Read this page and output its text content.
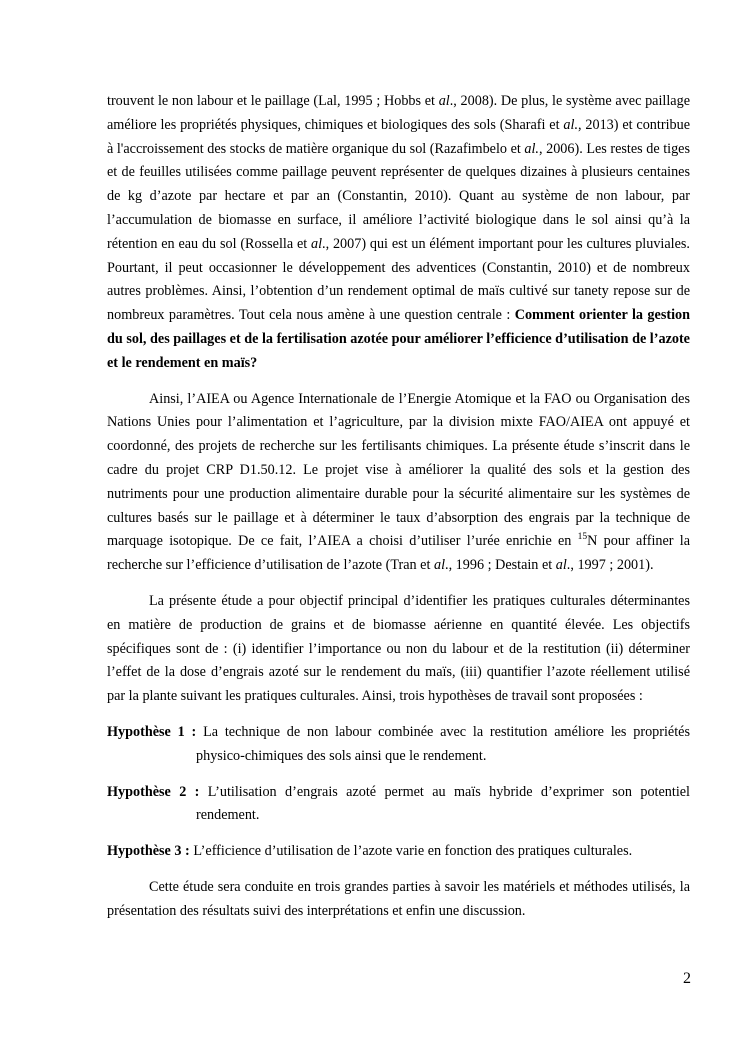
trouvent le non labour et le paillage (Lal, 1995 ; Hobbs et al., 2008). De plus, le système avec paillage améliore les propriétés physiques, chimiques et biologiques des sols (Sharafi et al., 2013) et contribue à l'accroissement des stocks de matière organique du sol (Razafimbelo et al., 2006). Les restes de tiges et de feuilles utilisées comme paillage peuvent représenter de quelques dizaines à plusieurs centaines de kg d’azote par hectare et par an (Constantin, 2010). Quant au système de non labour, par l’accumulation de biomasse en surface, il améliore l’activité biologique dans le sol ainsi qu’à la rétention en eau du sol (Rossella et al., 2007) qui est un élément important pour les cultures pluviales. Pourtant, il peut occasionner le développement des adventices (Constantin, 2010) et de nombreux autres problèmes. Ainsi, l’obtention d’un rendement optimal de maïs cultivé sur tanety repose sur de nombreux paramètres. Tout cela nous amène à une question centrale : Comment orienter la gestion du sol, des paillages et de la fertilisation azotée pour améliorer l’efficience d’utilisation de l’azote et le rendement en maïs?

Ainsi, l’AIEA ou Agence Internationale de l’Energie Atomique et la FAO ou Organisation des Nations Unies pour l’alimentation et l’agriculture, par la division mixte FAO/AIEA ont appuyé et coordonné, des projets de recherche sur les fertilisants chimiques. La présente étude s’inscrit dans le cadre du projet CRP D1.50.12. Le projet vise à améliorer la qualité des sols et la gestion des nutriments pour une production alimentaire durable pour la sécurité alimentaire sur les systèmes de cultures basés sur le paillage et à déterminer le taux d’absorption des engrais par la technique de marquage isotopique. De ce fait, l’AIEA a choisi d’utiliser l’urée enrichie en $^{15}$N pour affiner la recherche sur l’efficience d’utilisation de l’azote (Tran et al., 1996 ; Destain et al., 1997 ; 2001).

La présente étude a pour objectif principal d’identifier les pratiques culturales déterminantes en matière de production de grains et de biomasse aérienne en quantité élevée. Les objectifs spécifiques sont de : (i) identifier l’importance ou non du labour et de la restitution (ii) déterminer l’effet de la dose d’engrais azoté sur le rendement du maïs, (iii) quantifier l’azote réellement utilisé par la plante suivant les pratiques culturales. Ainsi, trois hypothèses de travail sont proposées :

Hypothèse 1 : La technique de non labour combinée avec la restitution améliore les propriétés physico-chimiques des sols ainsi que le rendement.

Hypothèse 2 : L’utilisation d’engrais azoté permet au maïs hybride d’exprimer son potentiel rendement.

Hypothèse 3 : L’efficience d’utilisation de l’azote varie en fonction des pratiques culturales.

Cette étude sera conduite en trois grandes parties à savoir les matériels et méthodes utilisés, la présentation des résultats suivi des interprétations et enfin une discussion.

2
